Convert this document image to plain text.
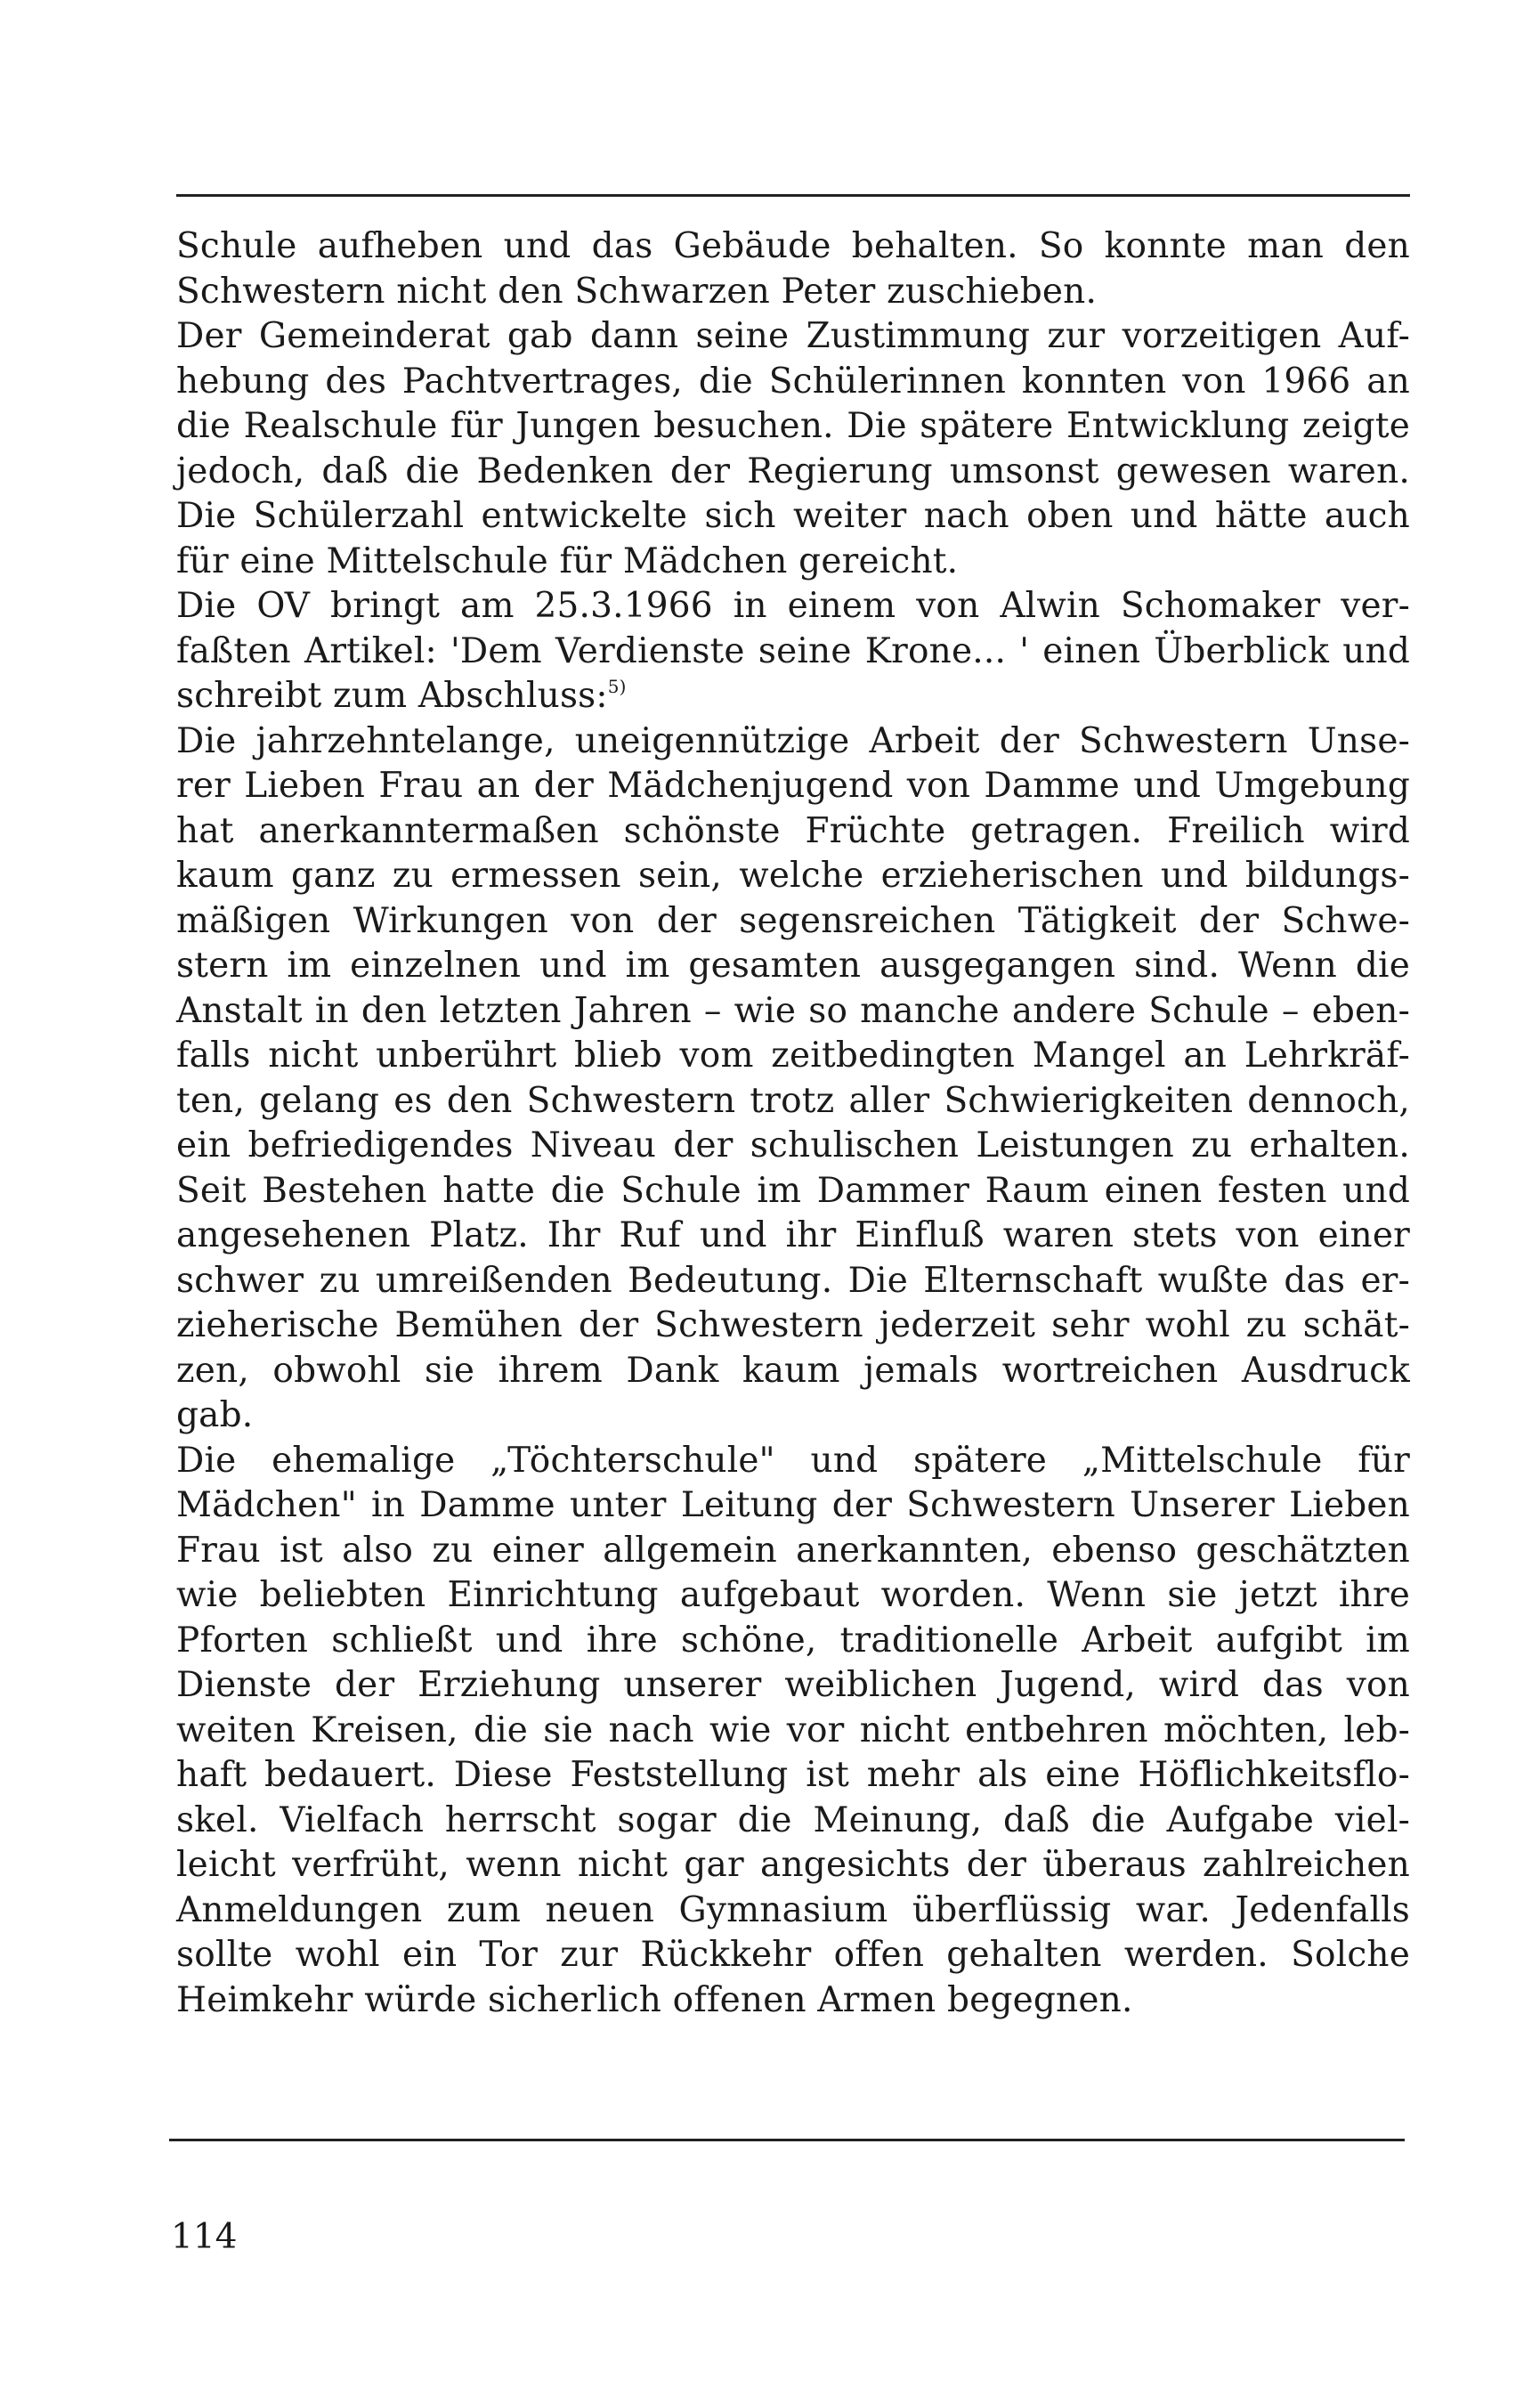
Schule aufheben und das Gebäude behalten. So konnte man den
Schwestern nicht den Schwarzen Peter zuschieben.
Der Gemeinderat gab dann seine Zustimmung zur vorzeitigen Auf-
hebung des Pachtvertrages, die Schülerinnen konnten von 1966 an
die Realschule für Jungen besuchen. Die spätere Entwicklung zeigte
jedoch, daß die Bedenken der Regierung umsonst gewesen waren.
Die Schülerzahl entwickelte sich weiter nach oben und hätte auch
für eine Mittelschule für Mädchen gereicht.
Die OV bringt am 25.3.1966 in einem von Alwin Schomaker ver-
faßten Artikel: 'Dem Verdienste seine Krone... ' einen Überblick und
schreibt zum Abschluss:$^{5)}$
Die jahrzehntelange, uneigennützige Arbeit der Schwestern Unse-
rer Lieben Frau an der Mädchenjugend von Damme und Umgebung
hat anerkanntermaßen schönste Früchte getragen. Freilich wird
kaum ganz zu ermessen sein, welche erzieherischen und bildungs-
mäßigen Wirkungen von der segensreichen Tätigkeit der Schwe-
stern im einzelnen und im gesamten ausgegangen sind. Wenn die
Anstalt in den letzten Jahren – wie so manche andere Schule – eben-
falls nicht unberührt blieb vom zeitbedingten Mangel an Lehrkräf-
ten, gelang es den Schwestern trotz aller Schwierigkeiten dennoch,
ein befriedigendes Niveau der schulischen Leistungen zu erhalten.
Seit Bestehen hatte die Schule im Dammer Raum einen festen und
angesehenen Platz. Ihr Ruf und ihr Einfluß waren stets von einer
schwer zu umreißenden Bedeutung. Die Elternschaft wußte das er-
zieherische Bemühen der Schwestern jederzeit sehr wohl zu schät-
zen, obwohl sie ihrem Dank kaum jemals wortreichen Ausdruck
gab.
Die ehemalige „Töchterschule" und spätere „Mittelschule für
Mädchen" in Damme unter Leitung der Schwestern Unserer Lieben
Frau ist also zu einer allgemein anerkannten, ebenso geschätzten
wie beliebten Einrichtung aufgebaut worden. Wenn sie jetzt ihre
Pforten schließt und ihre schöne, traditionelle Arbeit aufgibt im
Dienste der Erziehung unserer weiblichen Jugend, wird das von
weiten Kreisen, die sie nach wie vor nicht entbehren möchten, leb-
haft bedauert. Diese Feststellung ist mehr als eine Höflichkeitsflo-
skel. Vielfach herrscht sogar die Meinung, daß die Aufgabe viel-
leicht verfrüht, wenn nicht gar angesichts der überaus zahlreichen
Anmeldungen zum neuen Gymnasium überflüssig war. Jedenfalls
sollte wohl ein Tor zur Rückkehr offen gehalten werden. Solche
Heimkehr würde sicherlich offenen Armen begegnen.
114
